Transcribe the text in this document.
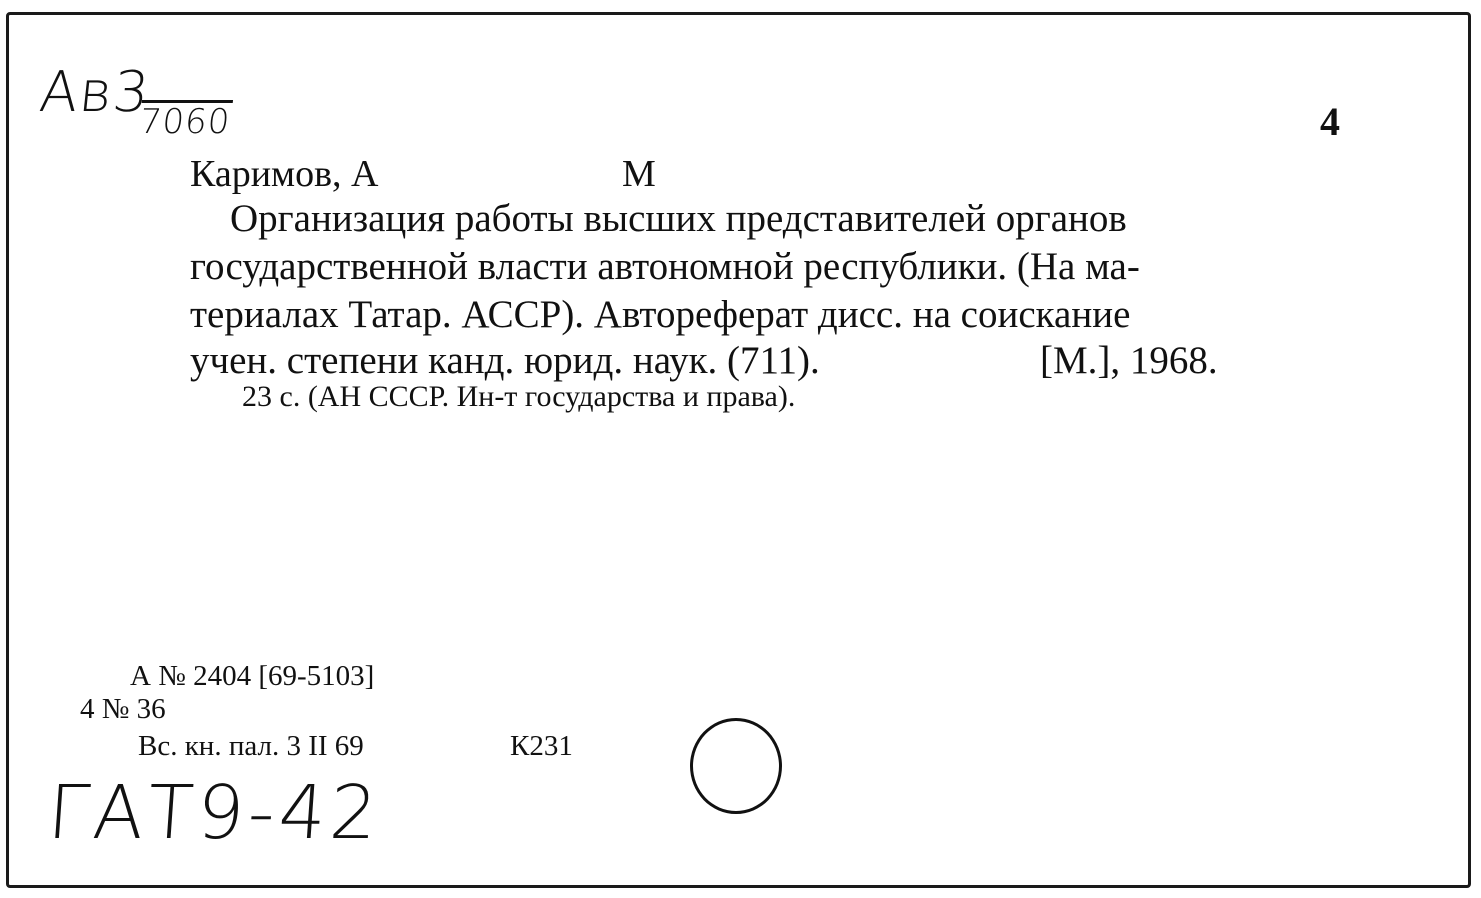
Aв3
7060	4
Каримов, А	М
Организация работы высших представителей органов
государственной власти автономной республики. (На ма-
териалах Татар. АССР). Автореферат дисс. на соискание
учен. степени канд. юрид. наук. (711).	[М.], 1968.
23 с. (АН СССР. Ин-т государства и права).
А № 2404 [69-5103]
4 № 36
Вс. кн. пал. 3 II 69	К231
ГАТ9-42
